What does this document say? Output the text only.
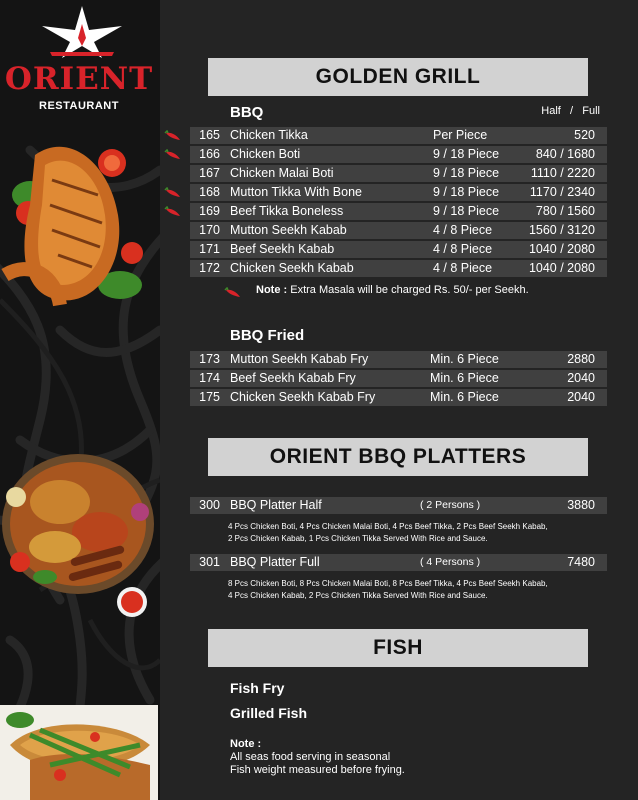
ORIENT
RESTAURANT
GOLDEN GRILL
BBQ	Half / Full
165 Chicken Tikka	Per Piece	520
166 Chicken Boti	9 / 18 Piece	840 / 1680
167 Chicken Malai Boti	9 / 18 Piece	1110 / 2220
168 Mutton Tikka With Bone	9 / 18 Piece 1170 / 2340
169 Beef Tikka Boneless	9 / 18 Piece	780 / 1560
170 Mutton Seekh Kabab	4 / 8 Piece	1560 / 3120
171 Beef Seekh Kabab	4 / 8 Piece	1040 / 2080
172 Chicken Seekh Kabab	4 / 8 Piece	1040 / 2080
Note : Extra Masala will be charged Rs. 50/- per Seekh.
BBQ Fried
173 Mutton Seekh Kabab Fry	Min. 6 Piece	2880
174 Beef Seekh Kabab Fry	Min. 6 Piece	2040
175 Chicken Seekh Kabab Fry	Min. 6 Piece	2040
ORIENT BBQ PLATTERS
300 BBQ Platter Half	( 2 Persons )	3880
4 Pcs Chicken Boti, 4 Pcs Chicken Malai Boti, 4 Pcs Beef Tikka, 2 Pcs Beef Seekh Kabab,
2 Pcs Chicken Kabab, 1 Pcs Chicken Tikka Served With Rice and Sauce.
301 BBQ Platter Full	( 4 Persons )	7480
8 Pcs Chicken Boti, 8 Pcs Chicken Malai Boti, 8 Pcs Beef Tikka, 4 Pcs Beef Seekh Kabab,
4 Pcs Chicken Kabab, 2 Pcs Chicken Tikka Served With Rice and Sauce.
FISH
Fish Fry
Grilled Fish
Note :
All seas food serving in seasonal
Fish weight measured before frying.
